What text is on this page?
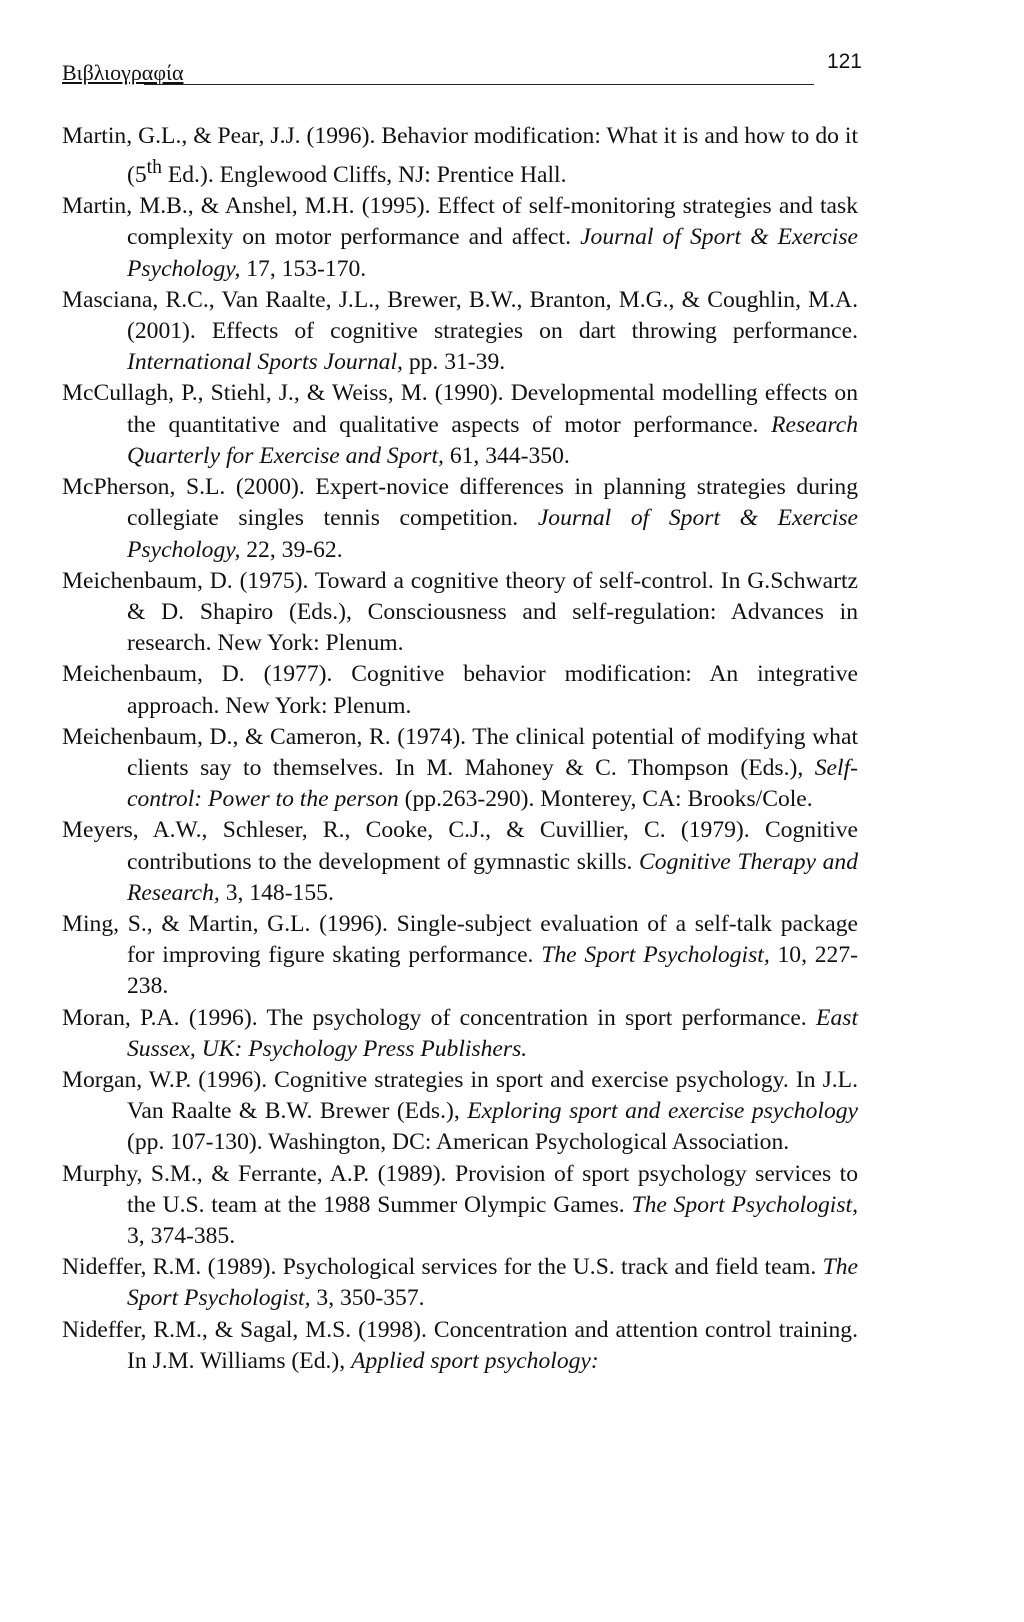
Βιβλιογραφία	121

Martin, G.L., & Pear, J.J. (1996). Behavior modification: What it is and how to do it (5th Ed.). Englewood Cliffs, NJ: Prentice Hall.

Martin, M.B., & Anshel, M.H. (1995). Effect of self-monitoring strategies and task complexity on motor performance and affect. Journal of Sport & Exercise Psychology, 17, 153-170.

Masciana, R.C., Van Raalte, J.L., Brewer, B.W., Branton, M.G., & Coughlin, M.A. (2001). Effects of cognitive strategies on dart throwing performance. International Sports Journal, pp. 31-39.

McCullagh, P., Stiehl, J., & Weiss, M. (1990). Developmental modelling effects on the quantitative and qualitative aspects of motor performance. Research Quarterly for Exercise and Sport, 61, 344-350.

McPherson, S.L. (2000). Expert-novice differences in planning strategies during collegiate singles tennis competition. Journal of Sport & Exercise Psychology, 22, 39-62.

Meichenbaum, D. (1975). Toward a cognitive theory of self-control. In G.Schwartz & D. Shapiro (Eds.), Consciousness and self-regulation: Advances in research. New York: Plenum.

Meichenbaum, D. (1977). Cognitive behavior modification: An integrative approach. New York: Plenum.

Meichenbaum, D., & Cameron, R. (1974). The clinical potential of modifying what clients say to themselves. In M. Mahoney & C. Thompson (Eds.), Self-control: Power to the person (pp.263-290). Monterey, CA: Brooks/Cole.

Meyers, A.W., Schleser, R., Cooke, C.J., & Cuvillier, C. (1979). Cognitive contributions to the development of gymnastic skills. Cognitive Therapy and Research, 3, 148-155.

Ming, S., & Martin, G.L. (1996). Single-subject evaluation of a self-talk package for improving figure skating performance. The Sport Psychologist, 10, 227-238.

Moran, P.A. (1996). The psychology of concentration in sport performance. East Sussex, UK: Psychology Press Publishers.

Morgan, W.P. (1996). Cognitive strategies in sport and exercise psychology. In J.L. Van Raalte & B.W. Brewer (Eds.), Exploring sport and exercise psychology (pp. 107-130). Washington, DC: American Psychological Association.

Murphy, S.M., & Ferrante, A.P. (1989). Provision of sport psychology services to the U.S. team at the 1988 Summer Olympic Games. The Sport Psychologist, 3, 374-385.

Nideffer, R.M. (1989). Psychological services for the U.S. track and field team. The Sport Psychologist, 3, 350-357.

Nideffer, R.M., & Sagal, M.S. (1998). Concentration and attention control training. In J.M. Williams (Ed.), Applied sport psychology:
